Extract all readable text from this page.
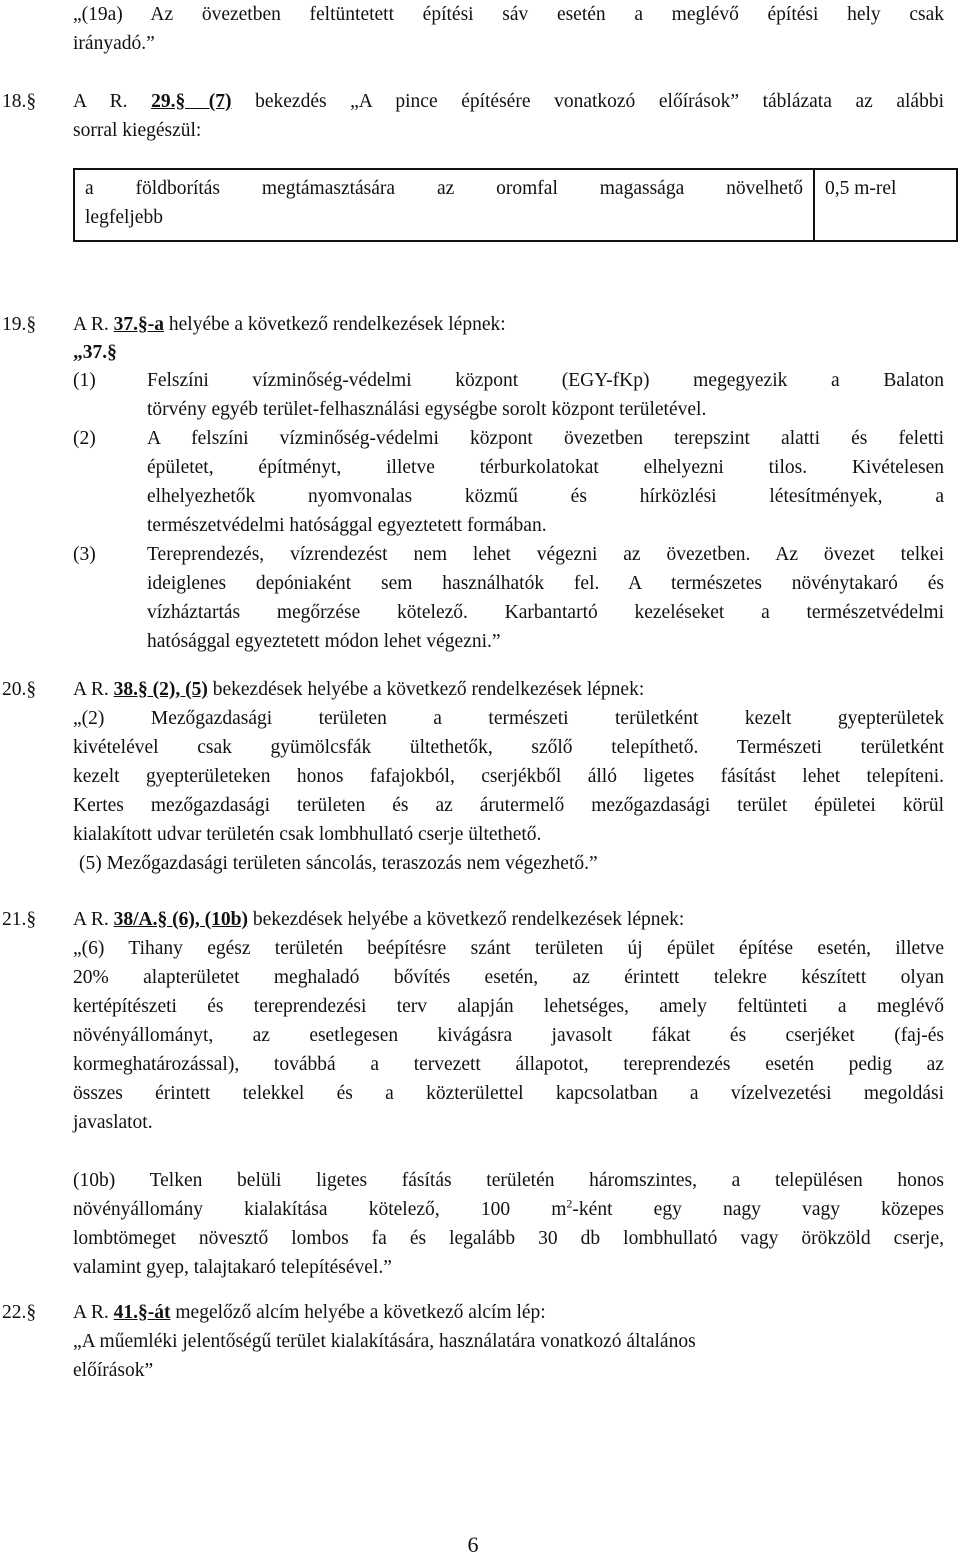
„(19a) Az övezetben feltüntetett építési sáv esetén a meglévő építési hely csak
irányadó.”
18.§ A R. 29.§ (7) bekezdés „A pince építésére vonatkozó előírások” táblázata az alábbi
sorral kiegészül:
a földborítás megtámasztására az oromfal magassága növelhető
legfeljebb
	0,5 m-rel
19.§ A R. 37.§-a helyébe a következő rendelkezések lépnek:
„37.§
(1)	Felszíni vízminőség-védelmi központ (EGY-fKp) megegyezik a Balaton
törvény egyéb terület-felhasználási egységbe sorolt központ területével.
(2)	A felszíni vízminőség-védelmi központ övezetben terepszint alatti és feletti
épületet, építményt, illetve térburkolatokat elhelyezni tilos. Kivételesen
elhelyezhetők nyomvonalas közmű és hírközlési létesítmények, a
természetvédelmi hatósággal egyeztetett formában.
(3)	Tereprendezés, vízrendezést nem lehet végezni az övezetben. Az övezet telkei
ideiglenes depóniaként sem használhatók fel. A természetes növénytakaró és
vízháztartás megőrzése kötelező. Karbantartó kezeléseket a természetvédelmi
hatósággal egyeztetett módon lehet végezni.”
20.§ A R. 38.§ (2), (5) bekezdések helyébe a következő rendelkezések lépnek:
„(2) Mezőgazdasági területen a természeti területként kezelt gyepterületek
kivételével csak gyümölcsfák ültethetők, szőlő telepíthető. Természeti területként
kezelt gyepterületeken honos fafajokból, cserjékből álló ligetes fásítást lehet telepíteni.
Kertes mezőgazdasági területen és az árutermelő mezőgazdasági terület épületei körül
kialakított udvar területén csak lombhullató cserje ültethető.
(5) Mezőgazdasági területen sáncolás, teraszozás nem végezhető.”
21.§ A R. 38/A.§ (6), (10b) bekezdések helyébe a következő rendelkezések lépnek:
„(6) Tihany egész területén beépítésre szánt területen új épület építése esetén, illetve
20% alapterületet meghaladó bővítés esetén, az érintett telekre készített olyan
kertépítészeti és tereprendezési terv alapján lehetséges, amely feltünteti a meglévő
növényállományt, az esetlegesen kivágásra javasolt fákat és cserjéket (faj-és
kormeghatározással), továbbá a tervezett állapotot, tereprendezés esetén pedig az
összes érintett telekkel és a közterülettel kapcsolatban a vízelvezetési megoldási
javaslatot.
(10b) Telken belüli ligetes fásítás területén háromszintes, a településen honos
növényállomány kialakítása kötelező, 100 $m^2$-ként egy nagy vagy közepes
lombtömeget növesztő lombos fa és legalább 30 db lombhullató vagy örökzöld cserje,
valamint gyep, talajtakaró telepítésével.”
22.§ A R. 41.§-át megelőző alcím helyébe a következő alcím lép:
„A műemléki jelentőségű terület kialakítására, használatára vonatkozó általános
előírások”
6
